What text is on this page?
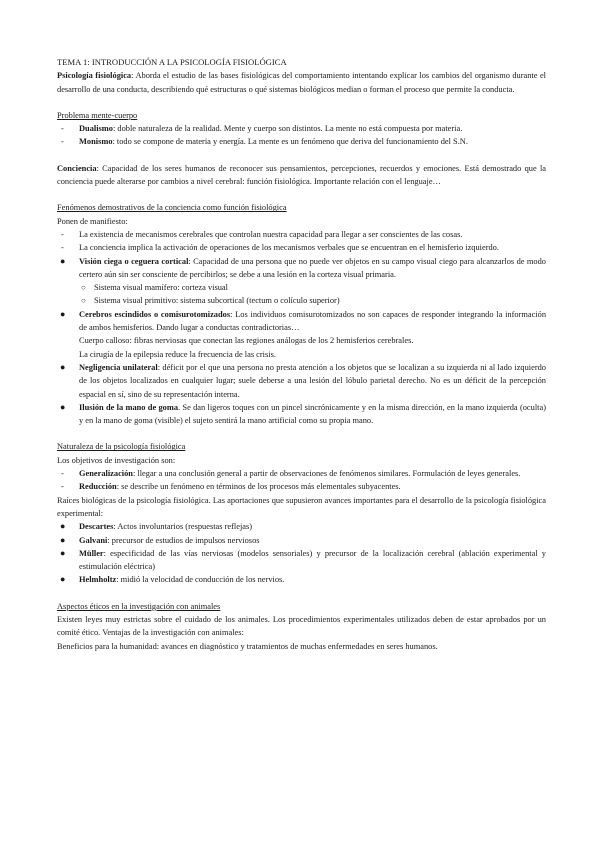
TEMA 1: INTRODUCCIÓN A LA PSICOLOGÍA FISIOLÓGICA

Psicología fisiológica: Aborda el estudio de las bases fisiológicas del comportamiento intentando explicar los cambios del organismo durante el desarrollo de una conducta, describiendo qué estructuras o qué sistemas biológicos median o forman el proceso que permite la conducta.

Problema mente-cuerpo

- Dualismo: doble naturaleza de la realidad. Mente y cuerpo son distintos. La mente no está compuesta por materia.
- Monismo: todo se compone de materia y energía. La mente es un fenómeno que deriva del funcionamiento del S.N.

Conciencia: Capacidad de los seres humanos de reconocer sus pensamientos, percepciones, recuerdos y emociones. Está demostrado que la conciencia puede alterarse por cambios a nivel cerebral: función fisiológica. Importante relación con el lenguaje…

Fenómenos demostrativos de la conciencia como función fisiológica

Ponen de manifiesto:

- La existencia de mecanismos cerebrales que controlan nuestra capacidad para llegar a ser conscientes de las cosas.
- La conciencia implica la activación de operaciones de los mecanismos verbales que se encuentran en el hemisferio izquierdo.
● Visión ciega o ceguera cortical: Capacidad de una persona que no puede ver objetos en su campo visual ciego para alcanzarlos de modo certero aún sin ser consciente de percibirlos; se debe a una lesión en la corteza visual primaria.
○ Sistema visual mamífero: corteza visual
○ Sistema visual primitivo: sistema subcortical (tectum o colículo superior)
● Cerebros escindidos o comisurotomizados: Los individuos comisurotomizados no son capaces de responder integrando la información de ambos hemisferios. Dando lugar a conductas contradictorias…

Cuerpo calloso: fibras nerviosas que conectan las regiones análogas de los 2 hemisferios cerebrales.

La cirugía de la epilepsia reduce la frecuencia de las crisis.

● Negligencia unilateral: déficit por el que una persona no presta atención a los objetos que se localizan a su izquierda ni al lado izquierdo de los objetos localizados en cualquier lugar; suele deberse a una lesión del lóbulo parietal derecho. No es un déficit de la percepción espacial en sí, sino de su representación interna.
● Ilusión de la mano de goma. Se dan ligeros toques con un pincel sincrónicamente y en la misma dirección, en la mano izquierda (oculta) y en la mano de goma (visible) el sujeto sentirá la mano artificial como su propia mano.

Naturaleza de la psicología fisiológica

Los objetivos de investigación son:

- Generalización: llegar a una conclusión general a partir de observaciones de fenómenos similares. Formulación de leyes generales.
- Reducción: se describe un fenómeno en términos de los procesos más elementales subyacentes.

Raíces biológicas de la psicología fisiológica. Las aportaciones que supusieron avances importantes para el desarrollo de la psicología fisiológica experimental:

● Descartes: Actos involuntarios (respuestas reflejas)
● Galvani: precursor de estudios de impulsos nerviosos
● Müller: especificidad de las vías nerviosas (modelos sensoriales) y precursor de la localización cerebral (ablación experimental y estimulación eléctrica)
● Helmholtz: midió la velocidad de conducción de los nervios.

Aspectos éticos en la investigación con animales

Existen leyes muy estrictas sobre el cuidado de los animales. Los procedimientos experimentales utilizados deben de estar aprobados por un comité ético. Ventajas de la investigación con animales:

Beneficios para la humanidad: avances en diagnóstico y tratamientos de muchas enfermedades en seres humanos.
